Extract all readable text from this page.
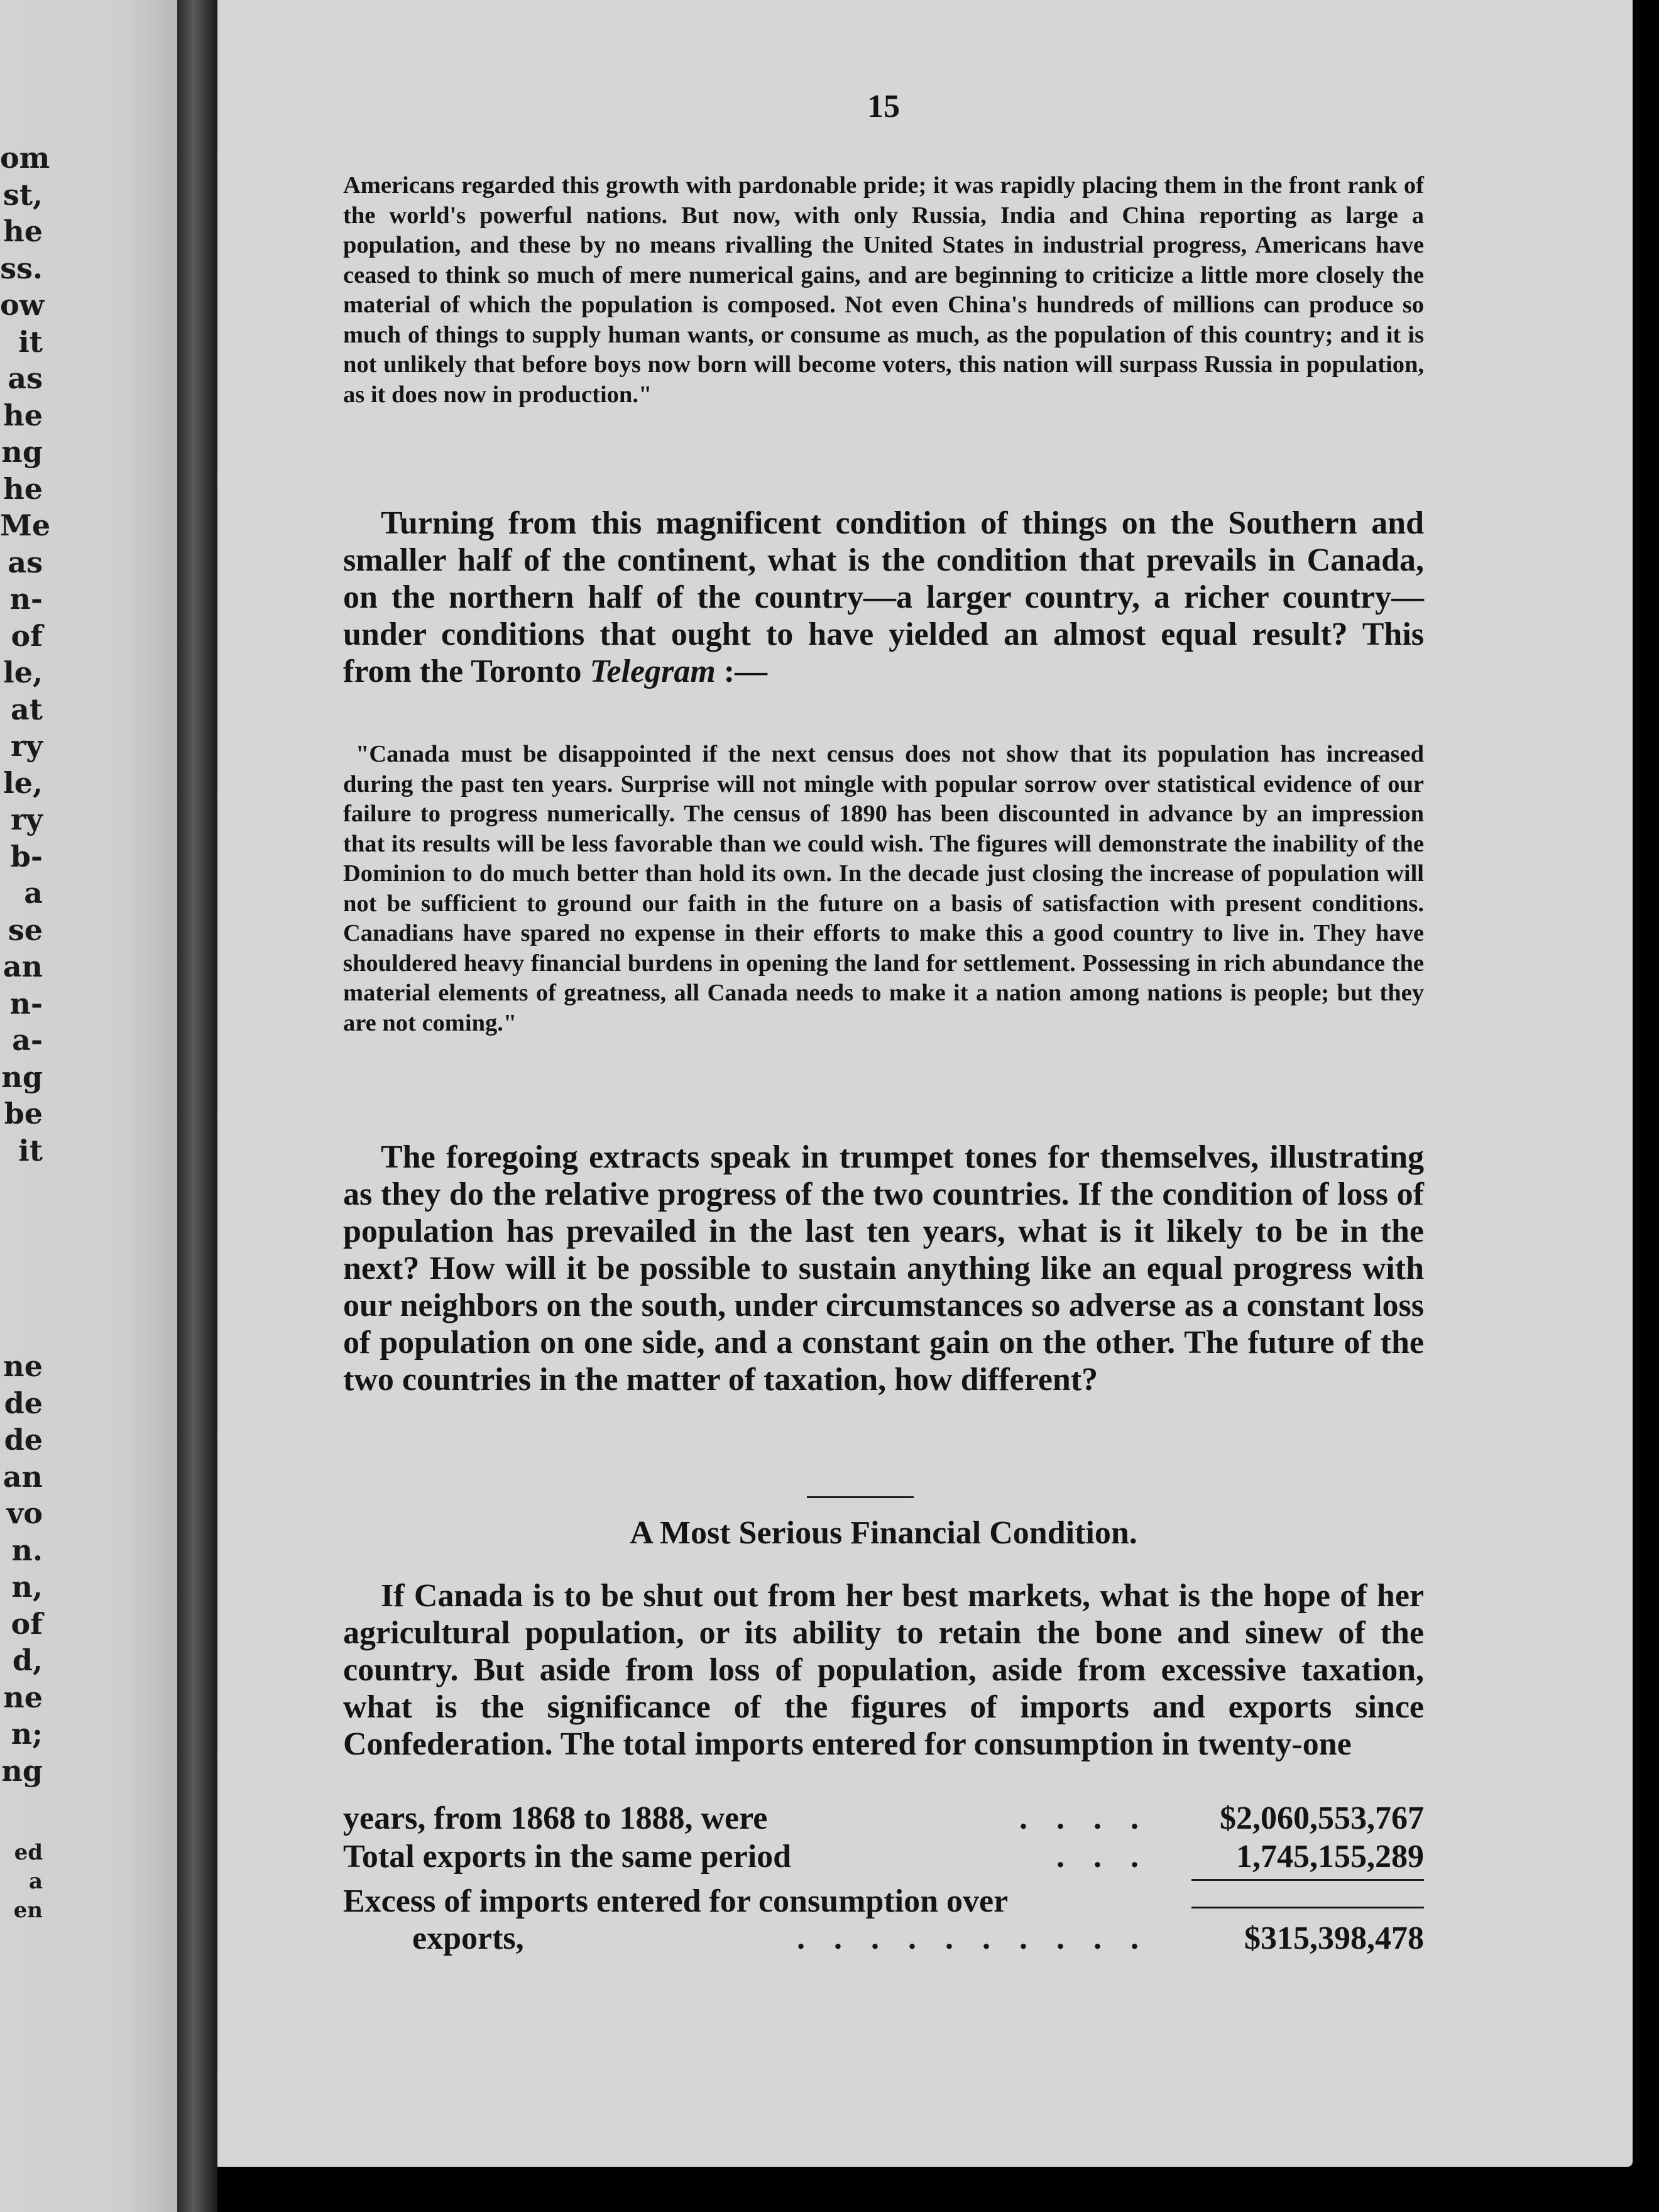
om
st,
he
ss.
ow
it
as
he
ng
he
Me
as
n-
of
le,
at
ry
le,
ry
b-
a
se
an
n-
a-
ng
be
it
ne
de
de
an
vo
n.
n,
of
d,
ne
n;
ng
ed
a
en
15
Americans regarded this growth with pardonable pride; it was rapidly placing them in the front rank of the world's powerful nations. But now, with only Russia, India and China reporting as large a population, and these by no means rivalling the United States in industrial progress, Americans have ceased to think so much of mere numerical gains, and are beginning to criticize a little more closely the material of which the population is composed. Not even China's hundreds of millions can produce so much of things to supply human wants, or consume as much, as the population of this country; and it is not unlikely that before boys now born will become voters, this nation will surpass Russia in population, as it does now in production."
Turning from this magnificent condition of things on the Southern and smaller half of the continent, what is the condition that prevails in Canada, on the northern half of the country—a larger country, a richer country—under conditions that ought to have yielded an almost equal result? This from the Toronto Telegram :—
"Canada must be disappointed if the next census does not show that its population has increased during the past ten years. Surprise will not mingle with popular sorrow over statistical evidence of our failure to progress numerically. The census of 1890 has been discounted in advance by an impression that its results will be less favorable than we could wish. The figures will demonstrate the inability of the Dominion to do much better than hold its own. In the decade just closing the increase of population will not be sufficient to ground our faith in the future on a basis of satisfaction with present conditions. Canadians have spared no expense in their efforts to make this a good country to live in. They have shouldered heavy financial burdens in opening the land for settlement. Possessing in rich abundance the material elements of greatness, all Canada needs to make it a nation among nations is people; but they are not coming."
The foregoing extracts speak in trumpet tones for themselves, illustrating as they do the relative progress of the two countries. If the condition of loss of population has prevailed in the last ten years, what is it likely to be in the next? How will it be possible to sustain anything like an equal progress with our neighbors on the south, under circumstances so adverse as a constant loss of population on one side, and a constant gain on the other. The future of the two countries in the matter of taxation, how different?
A Most Serious Financial Condition.
If Canada is to be shut out from her best markets, what is the hope of her agricultural population, or its ability to retain the bone and sinew of the country. But aside from loss of population, aside from excessive taxation, what is the significance of the figures of imports and exports since Confederation. The total imports entered for consumption in twenty-one
years, from 1868 to 1888, were	....	$2,060,553,767
Total exports in the same period	...	1,745,155,289
Excess of imports entered for consumption over
exports,	..........	$315,398,478
